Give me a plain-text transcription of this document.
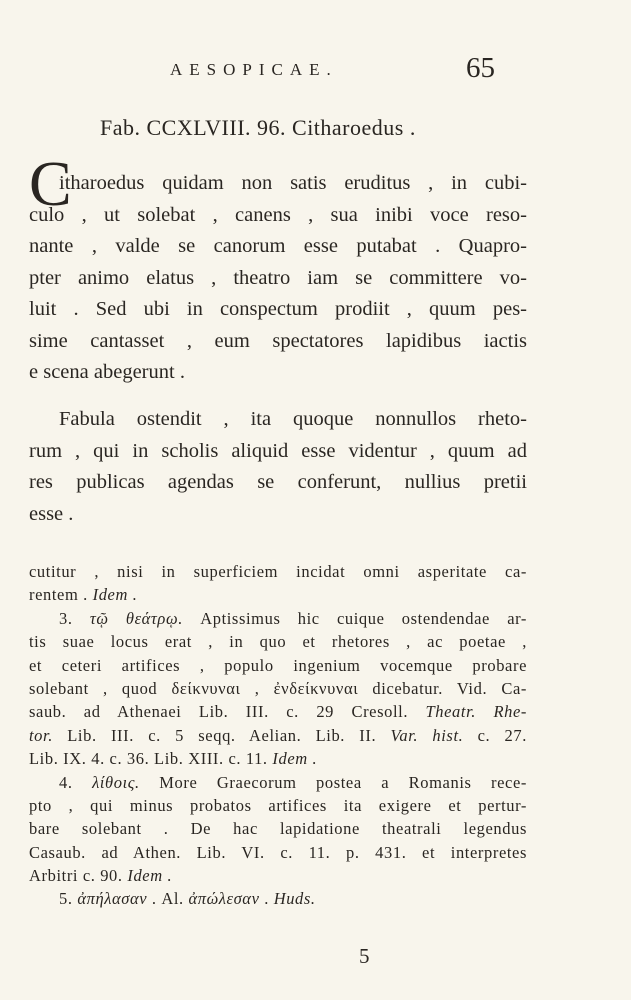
AESOPICAE.	65
Fab. CCXLVIII. 96. Citharoedus .
C
itharoedus quidam non satis eruditus , in cubi-
culo , ut solebat , canens , sua inibi voce reso-
nante , valde se canorum esse putabat . Quapro-
pter animo elatus , theatro iam se committere vo-
luit . Sed ubi in conspectum prodiit , quum pes-
sime cantasset , eum spectatores lapidibus iactis
e scena abegerunt .
Fabula ostendit , ita quoque nonnullos rheto-
rum , qui in scholis aliquid esse videntur , quum ad
res publicas agendas se conferunt, nullius pretii
esse .
cutitur , nisi in superficiem incidat omni asperitate ca-
rentem . Idem .
3. τῷ θεάτρῳ. Aptissimus hic cuique ostendendae ar-
tis suae locus erat , in quo et rhetores , ac poetae ,
et ceteri artifices , populo ingenium vocemque probare
solebant , quod δείκνυναι , ἐνδείκνυναι dicebatur. Vid. Ca-
saub. ad Athenaei Lib. III. c. 29 Cresoll. Theatr. Rhe-
tor. Lib. III. c. 5 seqq. Aelian. Lib. II. Var. hist. c. 27.
Lib. IX. 4. c. 36. Lib. XIII. c. 11. Idem .
4. λίθοις. More Graecorum postea a Romanis rece-
pto , qui minus probatos artifices ita exigere et pertur-
bare solebant . De hac lapidatione theatrali legendus
Casaub. ad Athen. Lib. VI. c. 11. p. 431. et interpretes
Arbitri c. 90. Idem .
5. ἀπήλασαν . Al. ἀπώλεσαν . Huds.
5
